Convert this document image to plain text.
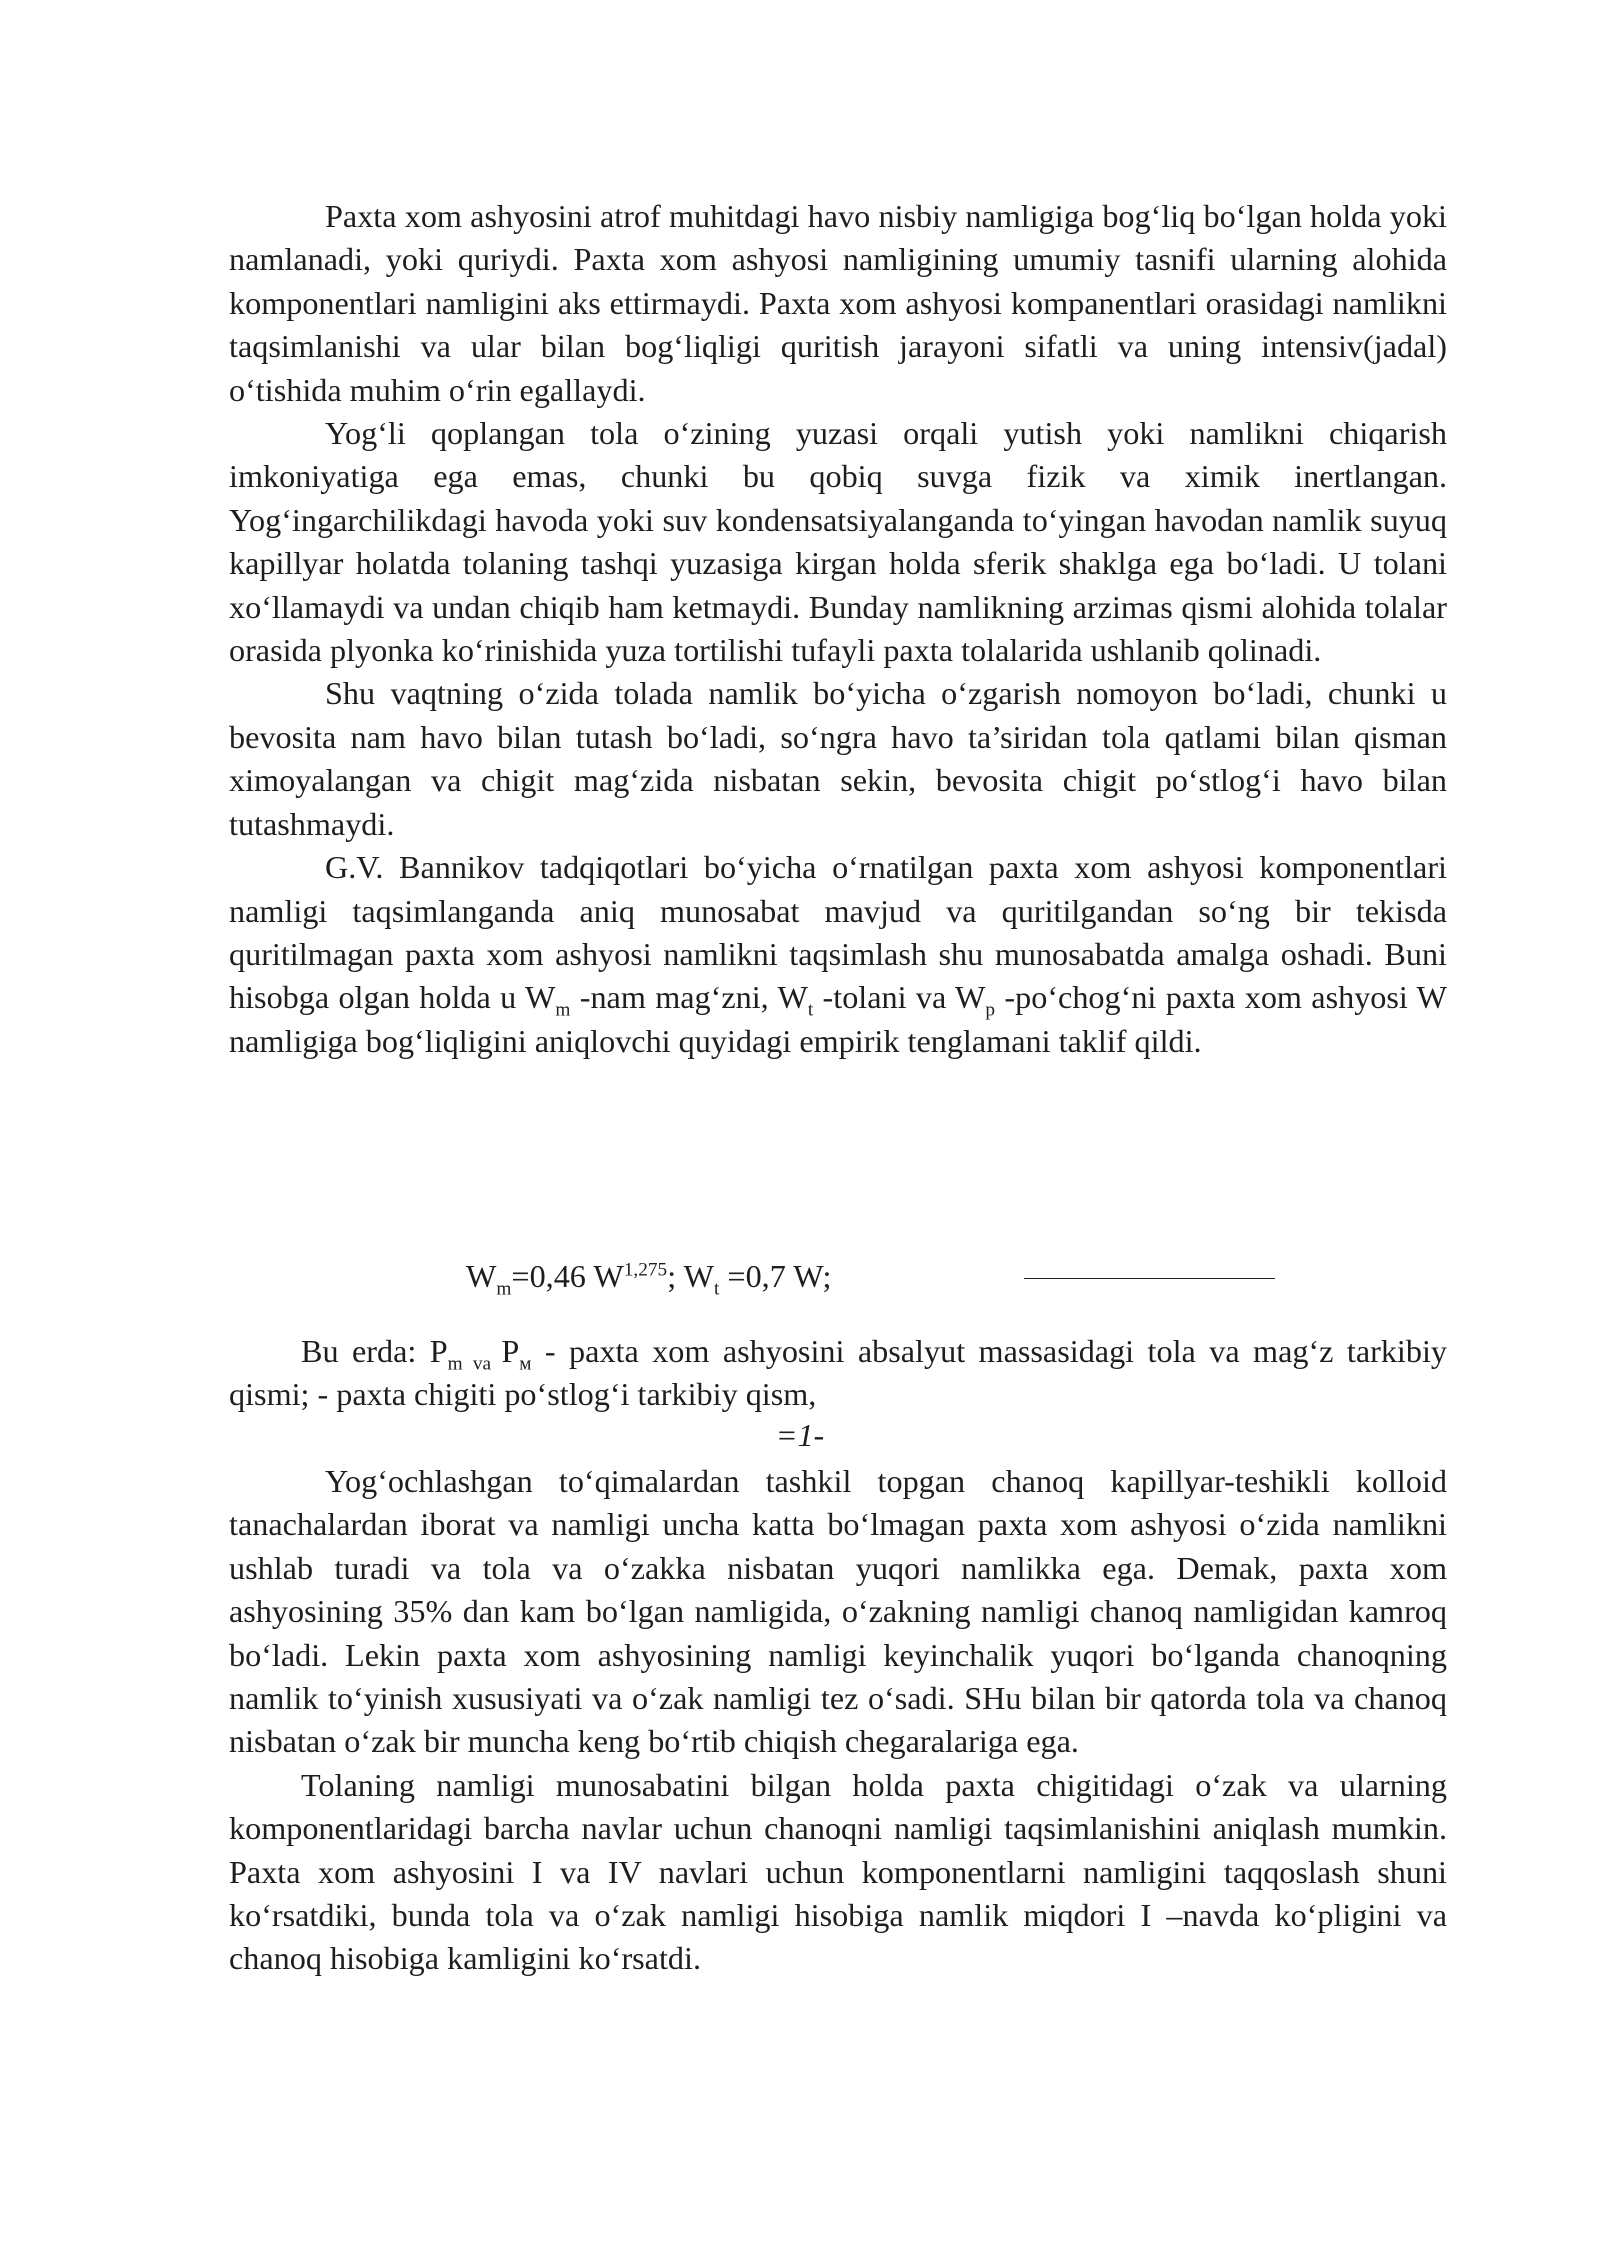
Paxta xom ashyosini atrof muhitdagi havo nisbiy namligiga bog‘liq bo‘lgan holda yoki namlanadi, yoki quriydi. Paxta xom ashyosi namligining umumiy tasnifi ularning alohida komponentlari namligini aks ettirmaydi. Paxta xom ashyosi kompanentlari orasidagi namlikni taqsimlanishi va ular bilan bog‘liqligi quritish jarayoni sifatli va uning intensiv(jadal) o‘tishida muhim o‘rin egallaydi.

Yog‘li qoplangan tola o‘zining yuzasi orqali yutish yoki namlikni chiqarish imkoniyatiga ega emas, chunki bu qobiq suvga fizik va ximik inertlangan. Yog‘ingarchilikdagi havoda yoki suv kondensatsiyalanganda to‘yingan havodan namlik suyuq kapillyar holatda tolaning tashqi yuzasiga kirgan holda sferik shaklga ega bo‘ladi. U tolani xo‘llamaydi va undan chiqib ham ketmaydi. Bunday namlikning arzimas qismi alohida tolalar orasida plyonka ko‘rinishida yuza tortilishi tufayli paxta tolalarida ushlanib qolinadi.

Shu vaqtning o‘zida tolada namlik bo‘yicha o‘zgarish nomoyon bo‘ladi, chunki u bevosita nam havo bilan tutash bo‘ladi, so‘ngra havo ta’siridan tola qatlami bilan qisman ximoyalangan va chigit mag‘zida nisbatan sekin, bevosita chigit po‘stlog‘i havo bilan tutashmaydi.

G.V. Bannikov tadqiqotlari bo‘yicha o‘rnatilgan paxta xom ashyosi komponentlari namligi taqsimlanganda aniq munosabat mavjud va quritilgandan so‘ng bir tekisda quritilmagan paxta xom ashyosi namlikni taqsimlash shu munosabatda amalga oshadi. Buni hisobga olgan holda u $W_m$ -nam mag‘zni, $W_t$ -tolani va $W_p$ -po‘chog‘ni paxta xom ashyosi W namligiga bog‘liqligini aniqlovchi quyidagi empirik tenglamani taklif qildi.

$W_m=0,46$ W$^{1,275}$; $W_t =0,7$ W;

Bu erda: $P_m$ $_{va}$ $P_м$ - paxta xom ashyosini absalyut massasidagi tola va mag‘z tarkibiy qismi; - paxta chigiti po‘stlog‘i tarkibiy qism,

=1-

Yog‘ochlashgan to‘qimalardan tashkil topgan chanoq kapillyar-teshikli kolloid tanachalardan iborat va namligi uncha katta bo‘lmagan paxta xom ashyosi o‘zida namlikni ushlab turadi va tola va o‘zakka nisbatan yuqori namlikka ega. Demak, paxta xom ashyosining 35% dan kam bo‘lgan namligida, o‘zakning namligi chanoq namligidan kamroq bo‘ladi. Lekin paxta xom ashyosining namligi keyinchalik yuqori bo‘lganda chanoqning namlik to‘yinish xususiyati va o‘zak namligi tez o‘sadi. SHu bilan bir qatorda tola va chanoq nisbatan o‘zak bir muncha keng bo‘rtib chiqish chegaralariga ega.

Tolaning namligi munosabatini bilgan holda paxta chigitidagi o‘zak va ularning komponentlaridagi barcha navlar uchun chanoqni namligi taqsimlanishini aniqlash mumkin. Paxta xom ashyosini I va IV navlari uchun komponentlarni namligini taqqoslash shuni ko‘rsatdiki, bunda tola va o‘zak namligi hisobiga namlik miqdori I –navda ko‘pligini va chanoq hisobiga kamligini ko‘rsatdi.
